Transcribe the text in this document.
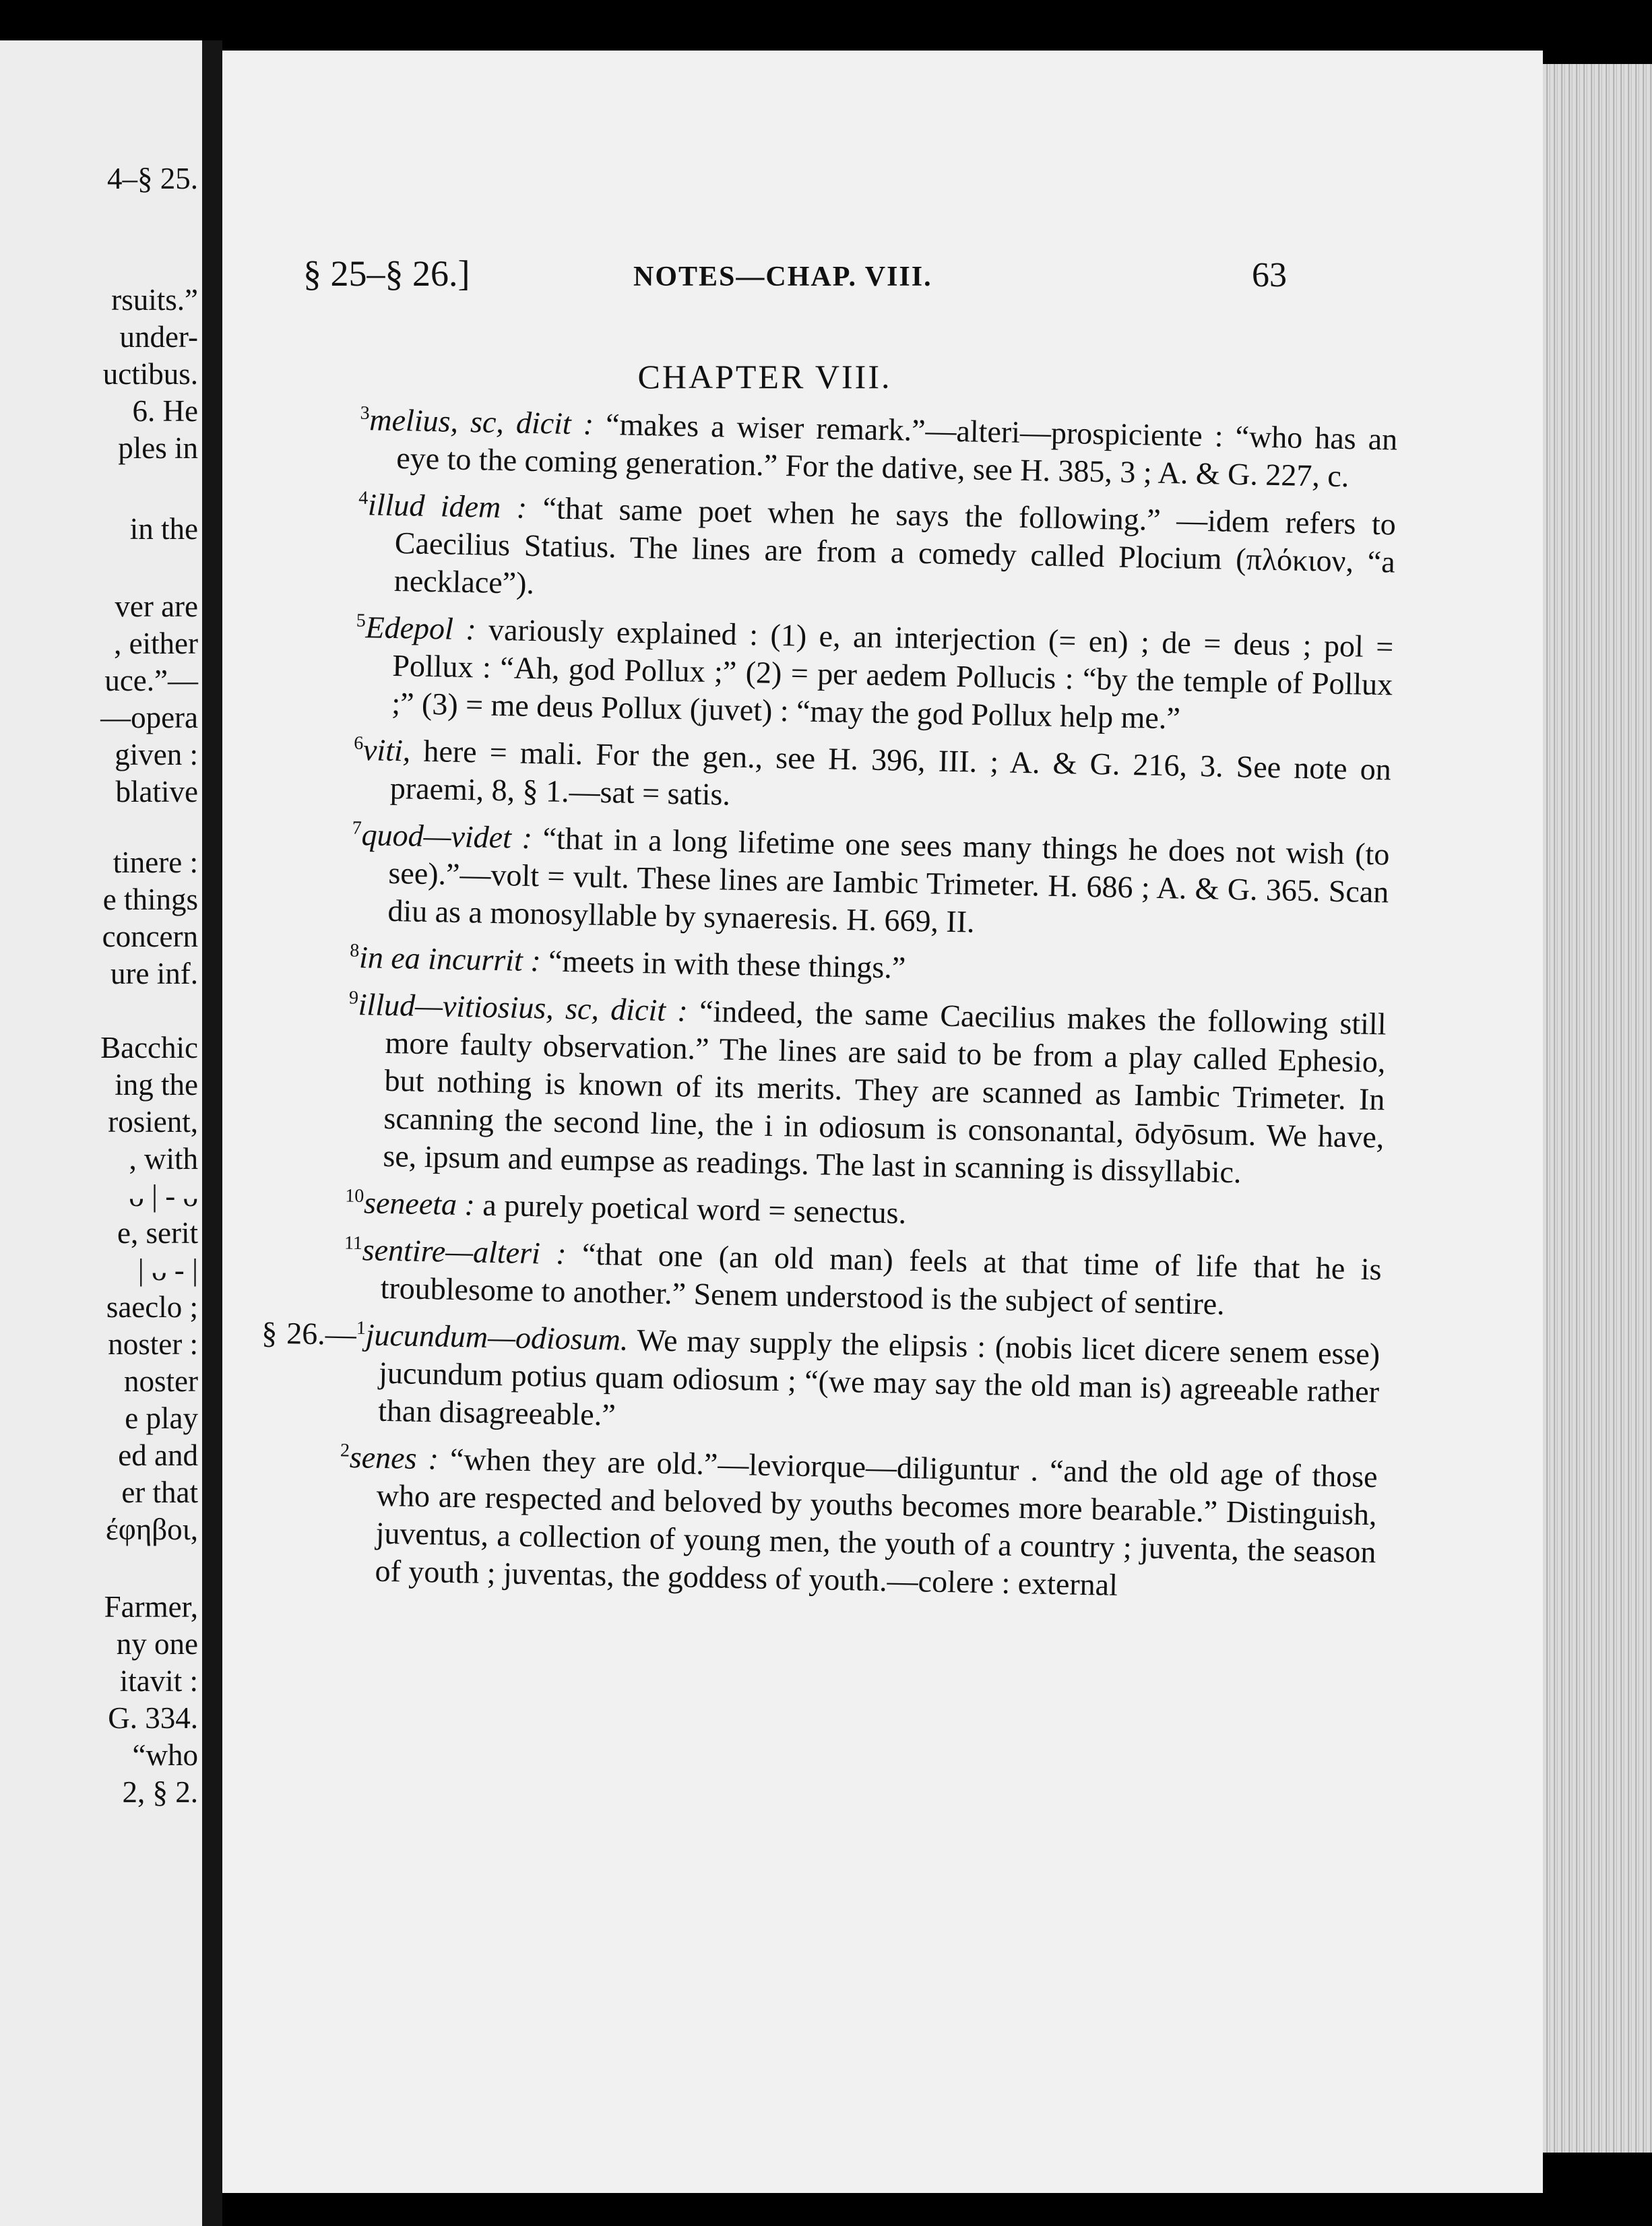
4–§ 25.
rsuits.”
under-
uctibus.
6. He
ples in
in the
ver are
, either
uce.”—
—opera
given :
blative
tinere :
e things
concern
ure inf.
Bacchic
ing the
rosient,
, with
ᴗ | - ᴗ
e, serit
| ᴗ - |
saeclo ;
noster :
noster
e play
ed and
er that
έφηβοι,
Farmer,
ny one
itavit :
G. 334.
“who
2, § 2.
§ 25–§ 26.]	NOTES—CHAP. VIII.	63
CHAPTER VIII.

$^3$melius, sc, dicit : “makes a wiser remark.”—alteri—prospiciente : “who has an eye to the coming generation.” For the dative, see H. 385, 3 ; A. & G. 227, c.

$^4$illud idem : “that same poet when he says the following.” —idem refers to Caecilius Statius. The lines are from a comedy called Plocium (πλόκιον, “a necklace”).

$^5$Edepol : variously explained : (1) e, an interjection (= en) ; de = deus ; pol = Pollux : “Ah, god Pollux ;” (2) = per aedem Pollucis : “by the temple of Pollux ;” (3) = me deus Pollux (juvet) : “may the god Pollux help me.”

$^6$viti, here = mali. For the gen., see H. 396, III. ; A. & G. 216, 3. See note on praemi, 8, § 1.—sat = satis.

$^7$quod—videt : “that in a long lifetime one sees many things he does not wish (to see).”—volt = vult. These lines are Iambic Trimeter. H. 686 ; A. & G. 365. Scan diu as a monosyllable by synaeresis. H. 669, II.

$^8$in ea incurrit : “meets in with these things.”

$^9$illud—vitiosius, sc, dicit : “indeed, the same Caecilius makes the following still more faulty observation.” The lines are said to be from a play called Ephesio, but nothing is known of its merits. They are scanned as Iambic Trimeter. In scanning the second line, the i in odiosum is consonantal, ōdyōsum. We have, se, ipsum and eumpse as readings. The last in scanning is dissyllabic.

$^{10}$seneeta : a purely poetical word = senectus.

$^{11}$sentire—alteri : “that one (an old man) feels at that time of life that he is troublesome to another.” Senem understood is the subject of sentire.

§ 26.—$^1$jucundum—odiosum. We may supply the elipsis : (nobis licet dicere senem esse) jucundum potius quam odiosum ; “(we may say the old man is) agreeable rather than disagreeable.”

$^2$senes : “when they are old.”—leviorque—diliguntur . “and the old age of those who are respected and beloved by youths becomes more bearable.” Distinguish, juventus, a collection of young men, the youth of a country ; juventa, the season of youth ; juventas, the goddess of youth.—colere : external
